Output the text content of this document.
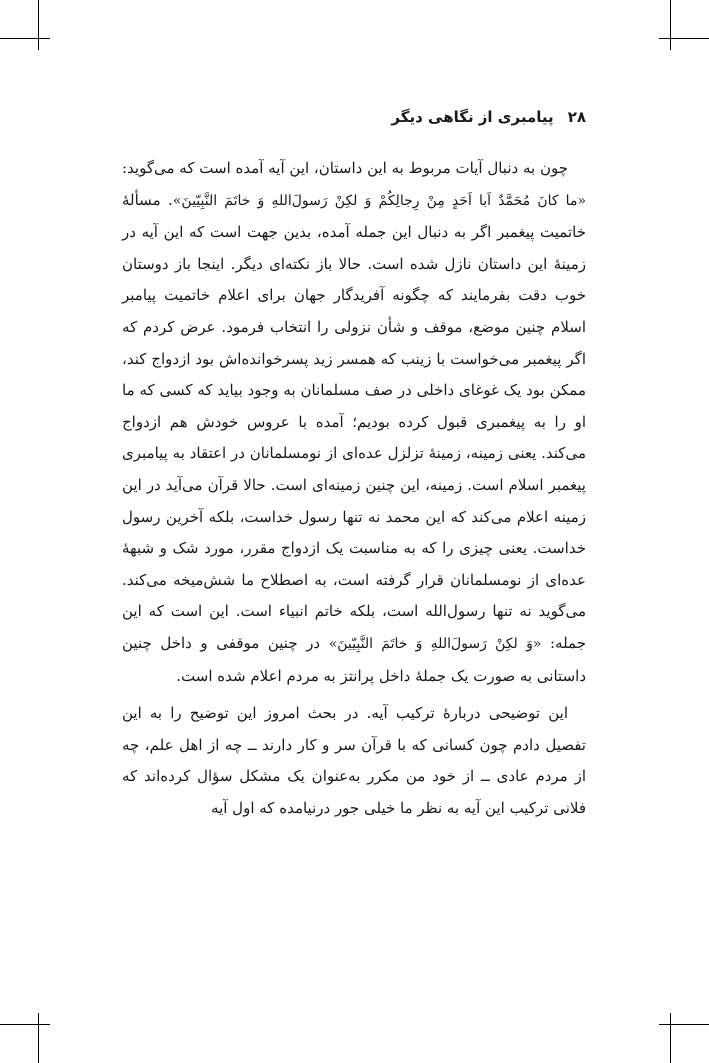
۲۸پیامبری از نگاهی دیگر

چون به دنبال آیات مربوط به این داستان، این آیه آمده است که می‌گوید: «ما کانَ مُحَمَّدٌ اَبا اَحَدٍ مِنْ رِجالِکُمْ وَ لکِنْ رَسولَ‌اللهِ وَ خاتَمَ النَّبِیّینَ». مسألهٔ خاتمیت پیغمبر اگر به دنبال این جمله آمده، بدین جهت است که این آیه در زمینهٔ این داستان نازل شده است. حالا باز نکته‌ای دیگر. اینجا باز دوستان خوب دقت بفرمایند که چگونه آفریدگار جهان برای اعلام خاتمیت پیامبر اسلام چنین موضع، موقف و شأن نزولی را انتخاب فرمود. عرض کردم که اگر پیغمبر می‌خواست با زینب که همسر زید پسرخوانده‌اش بود ازدواج کند، ممکن بود یک غوغای داخلی در صف مسلمانان به وجود بیاید که کسی که ما او را به پیغمبری قبول کرده بودیم؛ آمده با عروس خودش هم ازدواج می‌کند. یعنی زمینه، زمینهٔ تزلزل عده‌ای از نومسلمانان در اعتقاد به پیامبری پیغمبر اسلام است. زمینه، این چنین زمینه‌ای است. حالا قرآن می‌آید در این زمینه اعلام می‌کند که این محمد نه تنها رسول خداست، بلکه آخرین رسول خداست. یعنی چیزی را که به مناسبت یک ازدواج مقرر، مورد شک و شبههٔ عده‌ای از نومسلمانان قرار گرفته است، به اصطلاح ما شش‌میخه می‌کند. می‌گوید نه تنها رسول‌الله است، بلکه خاتم انبیاء است. این است که این جمله: «وَ لکِنْ رَسولَ‌اللهِ وَ خاتَمَ النَّبِیّینَ» در چنین موقفی و داخل چنین داستانی به صورت یک جملهٔ داخل پرانتز به مردم اعلام شده است.

این توضیحی دربارهٔ ترکیب آیه. در بحث امروز این توضیح را به این تفصیل دادم چون کسانی که با قرآن سر و کار دارند ــ چه از اهل علم، چه از مردم عادی ــ از خود من مکرر به‌عنوان یک مشکل سؤال کرده‌اند که فلانی ترکیب این آیه به نظر ما خیلی جور درنیامده که اول آیه
